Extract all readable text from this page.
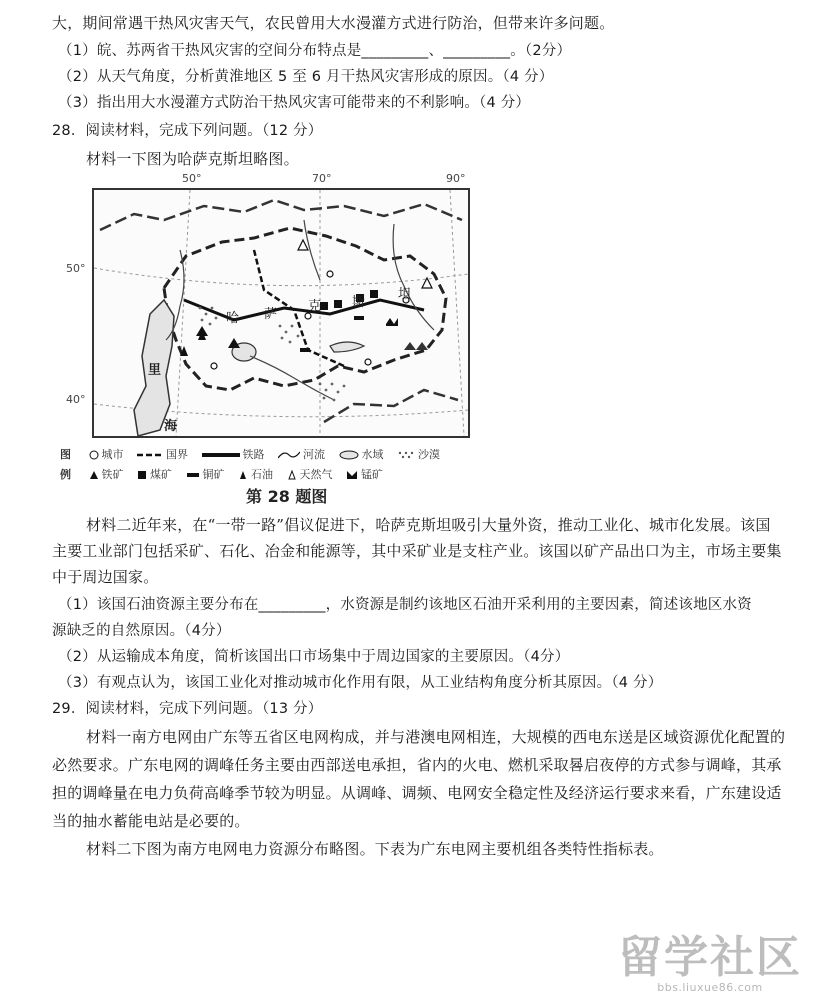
大，期间常遇干热风灾害天气，农民曾用大水漫灌方式进行防治，但带来许多问题。
（1）皖、苏两省干热风灾害的空间分布特点是_________、_________。（2分）
（2）从天气角度，分析黄淮地区 5 至 6 月干热风灾害形成的原因。（4 分）
（3）指出用大水漫灌方式防治干热风灾害可能带来的不利影响。（4 分）
28．阅读材料，完成下列问题。（12 分）
材料一下图为哈萨克斯坦略图。
50°	70°	90°
50°
40°
哈 萨
克 斯
坦
里
海
图	城市	国界	铁路	河流	水域	沙漠
例	铁矿 煤矿	铜矿 石油 天然气	锰矿
第 28 题图
材料二近年来，在“一带一路”倡议促进下，哈萨克斯坦吸引大量外资，推动工业化、城市化发展。该国
主要工业部门包括采矿、石化、冶金和能源等，其中采矿业是支柱产业。该国以矿产品出口为主，市场主要集
中于周边国家。
（1）该国石油资源主要分布在_________，水资源是制约该地区石油开采利用的主要因素，简述该地区水资
源缺乏的自然原因。（4分）
（2）从运输成本角度，简析该国出口市场集中于周边国家的主要原因。（4分）
（3）有观点认为，该国工业化对推动城市化作用有限，从工业结构角度分析其原因。（4 分）
29．阅读材料，完成下列问题。（13 分）
材料一南方电网由广东等五省区电网构成，并与港澳电网相连，大规模的西电东送是区域资源优化配置的
必然要求。广东电网的调峰任务主要由西部送电承担，省内的火电、燃机采取晷启夜停的方式参与调峰，其承
担的调峰量在电力负荷高峰季节较为明显。从调峰、调频、电网安全稳定性及经济运行要求来看，广东建设适
当的抽水蓄能电站是必要的。
材料二下图为南方电网电力资源分布略图。下表为广东电网主要机组各类特性指标表。
留学社区
bbs.liuxue86.com
